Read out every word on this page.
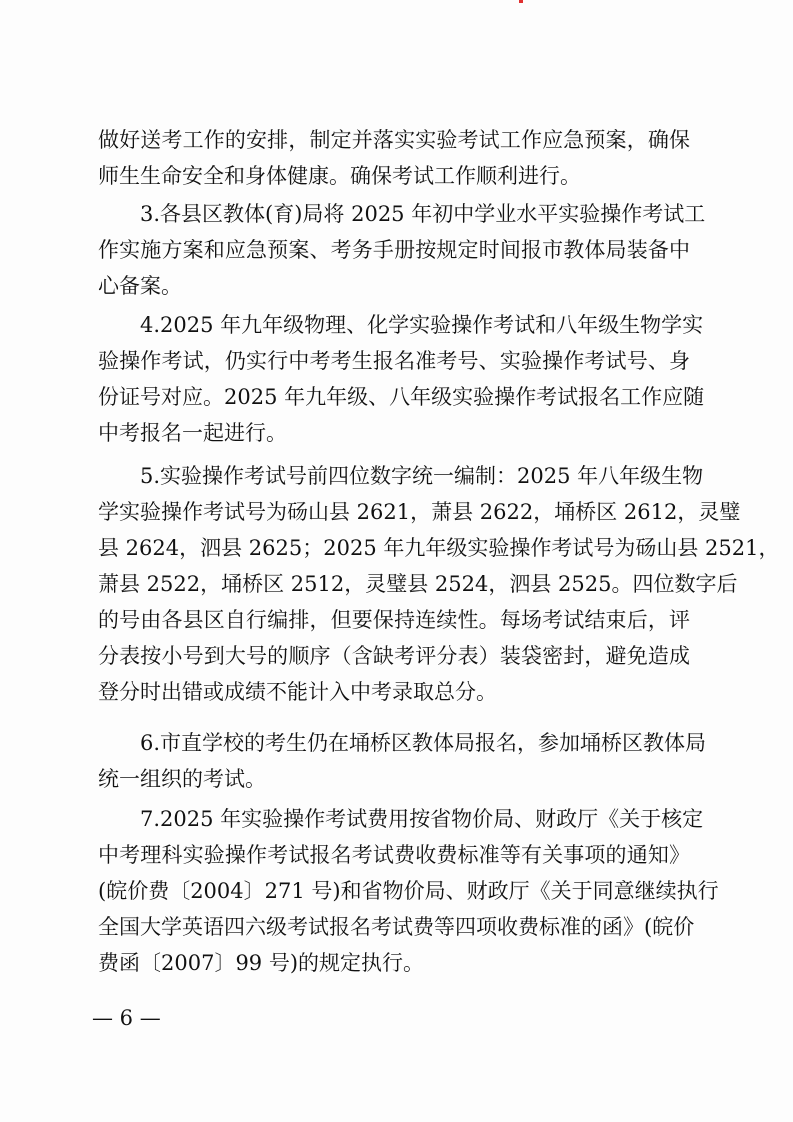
做好送考工作的安排，制定并落实实验考试工作应急预案，确保
师生生命安全和身体健康。确保考试工作顺利进行。
3.各县区教体(育)局将 2025 年初中学业水平实验操作考试工
作实施方案和应急预案、考务手册按规定时间报市教体局装备中
心备案。
4.2025 年九年级物理、化学实验操作考试和八年级生物学实
验操作考试，仍实行中考考生报名准考号、实验操作考试号、身
份证号对应。2025 年九年级、八年级实验操作考试报名工作应随
中考报名一起进行。
5.实验操作考试号前四位数字统一编制：2025 年八年级生物
学实验操作考试号为砀山县 2621，萧县 2622，埇桥区 2612，灵璧
县 2624，泗县 2625；2025 年九年级实验操作考试号为砀山县 2521，
萧县 2522，埇桥区 2512，灵璧县 2524，泗县 2525。四位数字后
的号由各县区自行编排，但要保持连续性。每场考试结束后，评
分表按小号到大号的顺序（含缺考评分表）装袋密封，避免造成
登分时出错或成绩不能计入中考录取总分。
6.市直学校的考生仍在埇桥区教体局报名，参加埇桥区教体局
统一组织的考试。
7.2025 年实验操作考试费用按省物价局、财政厅《关于核定
中考理科实验操作考试报名考试费收费标准等有关事项的通知》
(皖价费〔2004〕271 号)和省物价局、财政厅《关于同意继续执行
全国大学英语四六级考试报名考试费等四项收费标准的函》(皖价
费函〔2007〕99 号)的规定执行。
— 6 —
